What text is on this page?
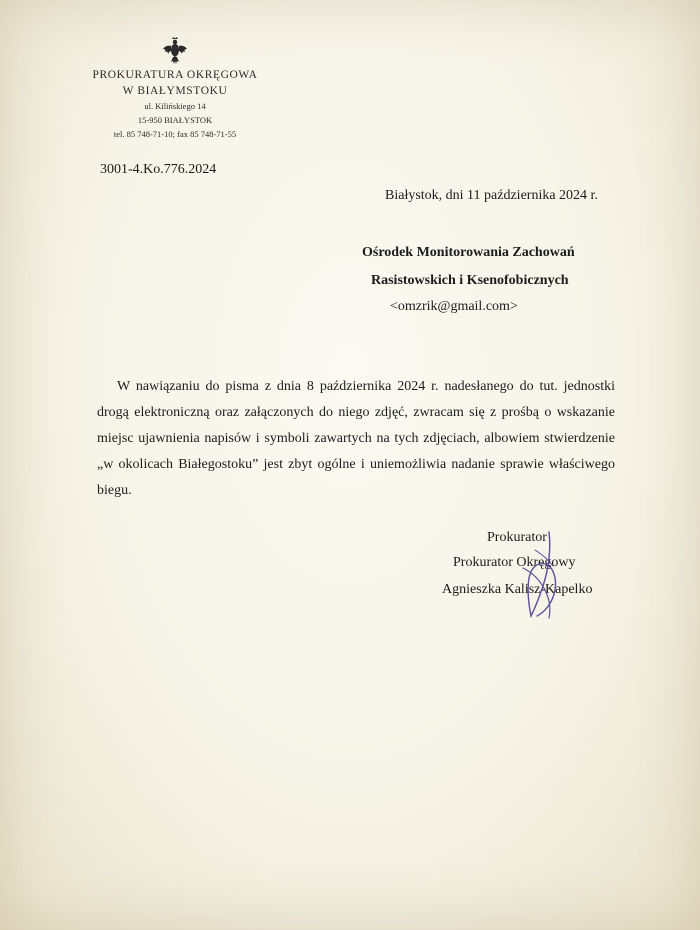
PROKURATURA OKRĘGOWA
W BIAŁYMSTOKU
ul. Kilińskiego 14
15-950 BIAŁYSTOK
tel. 85 748-71-10; fax 85 748-71-55
3001-4.Ko.776.2024
Białystok, dni 11 października 2024 r.
Ośrodek Monitorowania Zachowań
Rasistowskich i Ksenofobicznych
<omzrik@gmail.com>

W nawiązaniu do pisma z dnia 8 października 2024 r. nadesłanego do tut. jednostki drogą elektroniczną oraz załączonych do niego zdjęć, zwracam się z prośbą o wskazanie miejsc ujawnienia napisów i symboli zawartych na tych zdjęciach, albowiem stwierdzenie „w okolicach Białegostoku” jest zbyt ogólne i uniemożliwia nadanie sprawie właściwego biegu.

Prokurator
Prokurator Okręgowy
Agnieszka Kalisz-Kapelko
